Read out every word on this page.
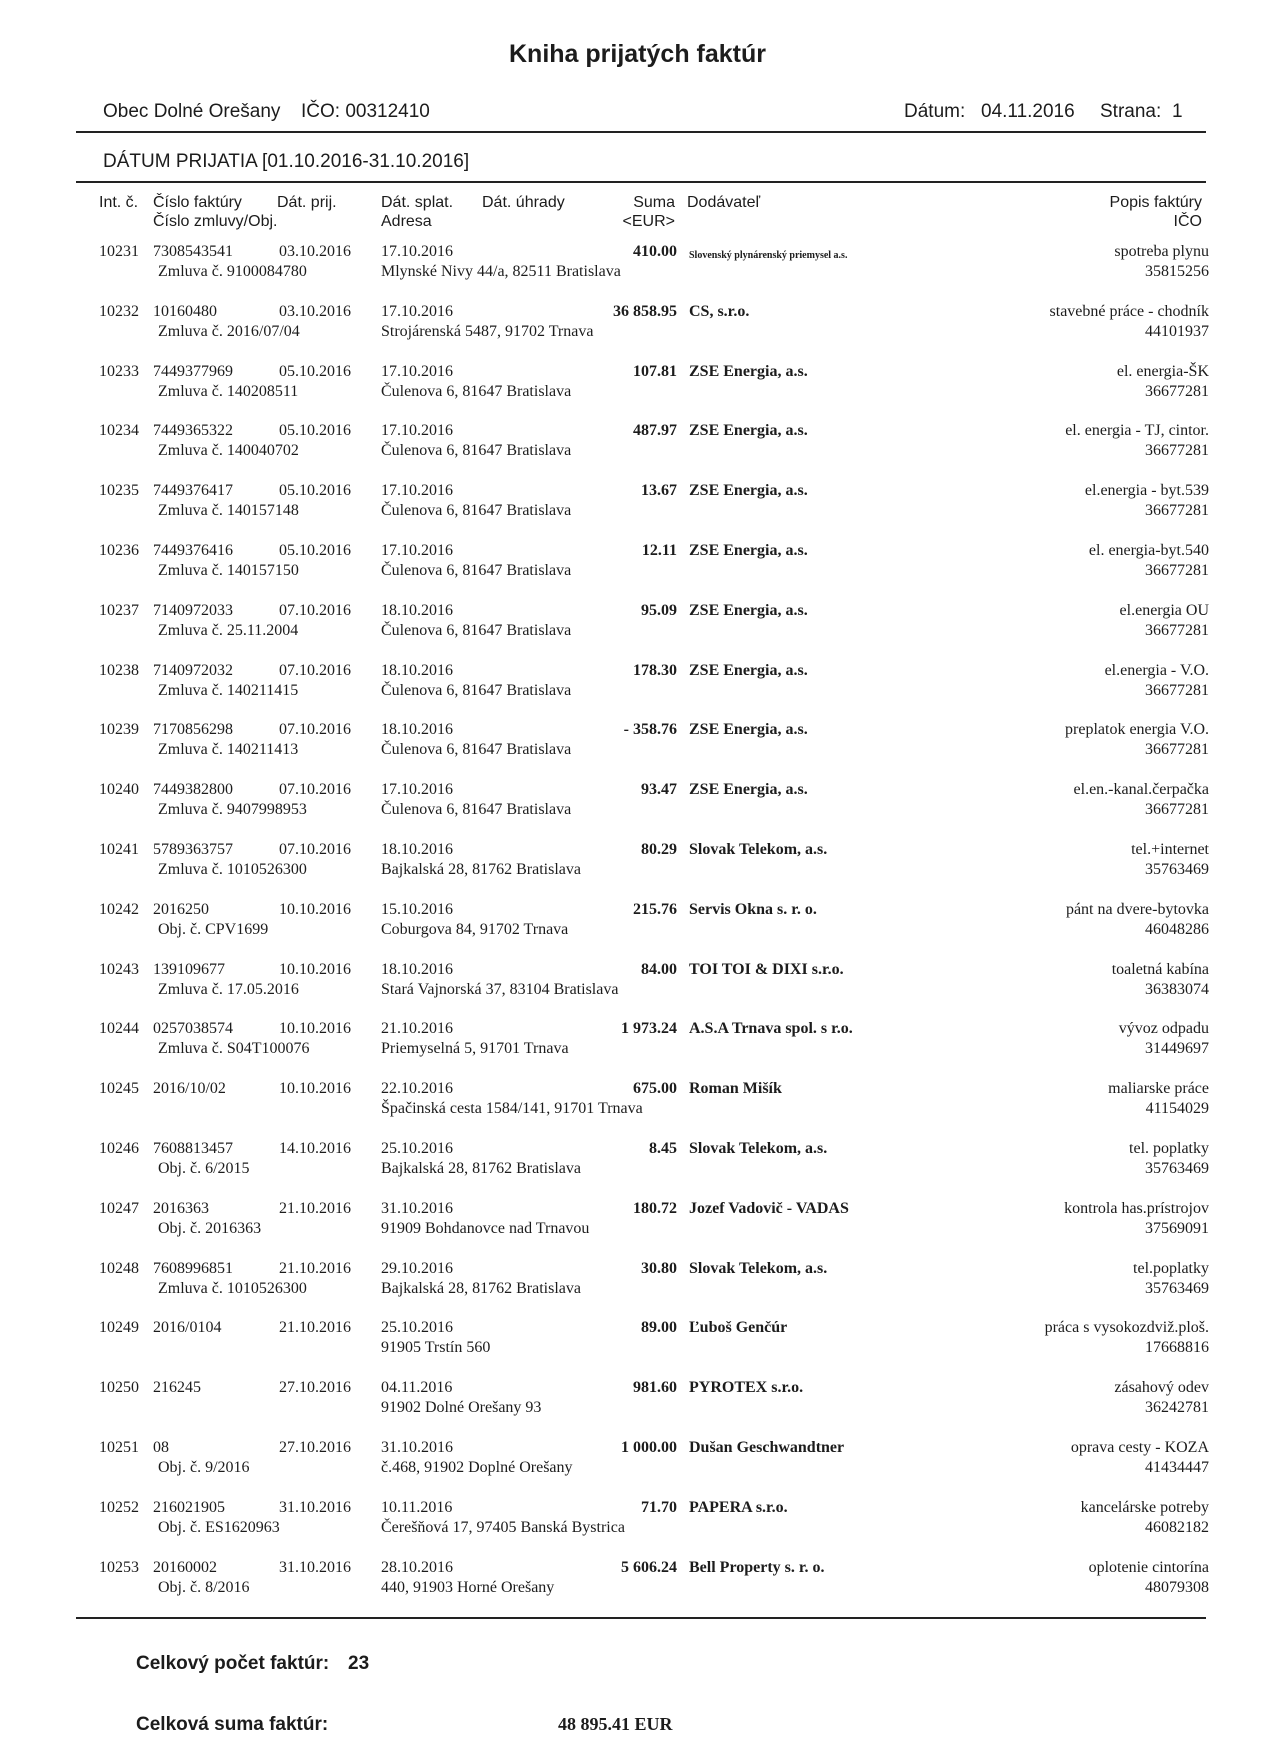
Kniha prijatých faktúr
Obec Dolné Orešany IČO: 00312410	Dátum: 04.11.2016 Strana: 1
DÁTUM PRIJATIA [01.10.2016-31.10.2016]
Int. č. Číslo faktúry Dát. prij.
Číslo zmluvy/Obj.
Dát. splat. Dát. úhrady
Adresa
Suma
<EUR>
Dodávateľ	Popis faktúry
IČO
10231 7308543541	03.10.2016
Zmluva č. 9100084780
17.10.2016
Mlynské Nivy 44/a, 82511 Bratislava
410.00 Slovenský plynárenský priemysel a.s.	spotreba plynu
35815256
10232 10160480	03.10.2016
Zmluva č. 2016/07/04
17.10.2016
Strojárenská 5487, 91702 Trnava
36 858.95 CS, s.r.o.	stavebné práce - chodník
44101937
10233 7449377969	05.10.2016
Zmluva č. 140208511
17.10.2016
Čulenova 6, 81647 Bratislava
107.81 ZSE Energia, a.s.	el. energia-ŠK
36677281
10234 7449365322	05.10.2016
Zmluva č. 140040702
17.10.2016
Čulenova 6, 81647 Bratislava
487.97 ZSE Energia, a.s.	el. energia - TJ, cintor.
36677281
10235 7449376417	05.10.2016
Zmluva č. 140157148
17.10.2016
Čulenova 6, 81647 Bratislava
13.67 ZSE Energia, a.s.	el.energia - byt.539
36677281
10236 7449376416	05.10.2016
Zmluva č. 140157150
17.10.2016
Čulenova 6, 81647 Bratislava
12.11 ZSE Energia, a.s.	el. energia-byt.540
36677281
10237 7140972033	07.10.2016
Zmluva č. 25.11.2004
18.10.2016
Čulenova 6, 81647 Bratislava
95.09 ZSE Energia, a.s.	el.energia OU
36677281
10238 7140972032	07.10.2016
Zmluva č. 140211415
18.10.2016
Čulenova 6, 81647 Bratislava
178.30 ZSE Energia, a.s.	el.energia - V.O.
36677281
10239 7170856298	07.10.2016
Zmluva č. 140211413
18.10.2016
Čulenova 6, 81647 Bratislava
- 358.76 ZSE Energia, a.s.	preplatok energia V.O.
36677281
10240 7449382800	07.10.2016
Zmluva č. 9407998953
17.10.2016
Čulenova 6, 81647 Bratislava
93.47 ZSE Energia, a.s.	el.en.-kanal.čerpačka
36677281
10241 5789363757	07.10.2016
Zmluva č. 1010526300
18.10.2016
Bajkalská 28, 81762 Bratislava
80.29 Slovak Telekom, a.s.	tel.+internet
35763469
10242 2016250	10.10.2016
Obj. č. CPV1699
15.10.2016
Coburgova 84, 91702 Trnava
215.76 Servis Okna s. r. o.	pánt na dvere-bytovka
46048286
10243 139109677	10.10.2016
Zmluva č. 17.05.2016
18.10.2016
Stará Vajnorská 37, 83104 Bratislava
84.00 TOI TOI & DIXI s.r.o.	toaletná kabína
36383074
10244 0257038574	10.10.2016
Zmluva č. S04T100076
21.10.2016
Priemyselná 5, 91701 Trnava
1 973.24 A.S.A Trnava spol. s r.o.	vývoz odpadu
31449697
10245 2016/10/02	10.10.2016 22.10.2016
Špačinská cesta 1584/141, 91701 Trnava
675.00 Roman Mišík	maliarske práce
41154029
10246 7608813457	14.10.2016
Obj. č. 6/2015
25.10.2016
Bajkalská 28, 81762 Bratislava
8.45 Slovak Telekom, a.s.	tel. poplatky
35763469
10247 2016363	21.10.2016
Obj. č. 2016363
31.10.2016
91909 Bohdanovce nad Trnavou
180.72 Jozef Vadovič - VADAS	kontrola has.prístrojov
37569091
10248 7608996851	21.10.2016
Zmluva č. 1010526300
29.10.2016
Bajkalská 28, 81762 Bratislava
30.80 Slovak Telekom, a.s.	tel.poplatky
35763469
10249 2016/0104	21.10.2016 25.10.2016
91905 Trstín 560
89.00 Ľuboš Genčúr	práca s vysokozdviž.ploš.
17668816
10250 216245	27.10.2016 04.11.2016
91902 Dolné Orešany 93
981.60 PYROTEX s.r.o.	zásahový odev
36242781
10251 08	27.10.2016
Obj. č. 9/2016
31.10.2016
č.468, 91902 Doplné Orešany
1 000.00 Dušan Geschwandtner	oprava cesty - KOZA
41434447
10252 216021905	31.10.2016
Obj. č. ES1620963
10.11.2016
Čerešňová 17, 97405 Banská Bystrica
71.70 PAPERA s.r.o.	kancelárske potreby
46082182
10253 20160002	31.10.2016
Obj. č. 8/2016
28.10.2016
440, 91903 Horné Orešany
5 606.24 Bell Property s. r. o.	oplotenie cintorína
48079308
Celkový počet faktúr: 23
Celková suma faktúr:	48 895.41 EUR
